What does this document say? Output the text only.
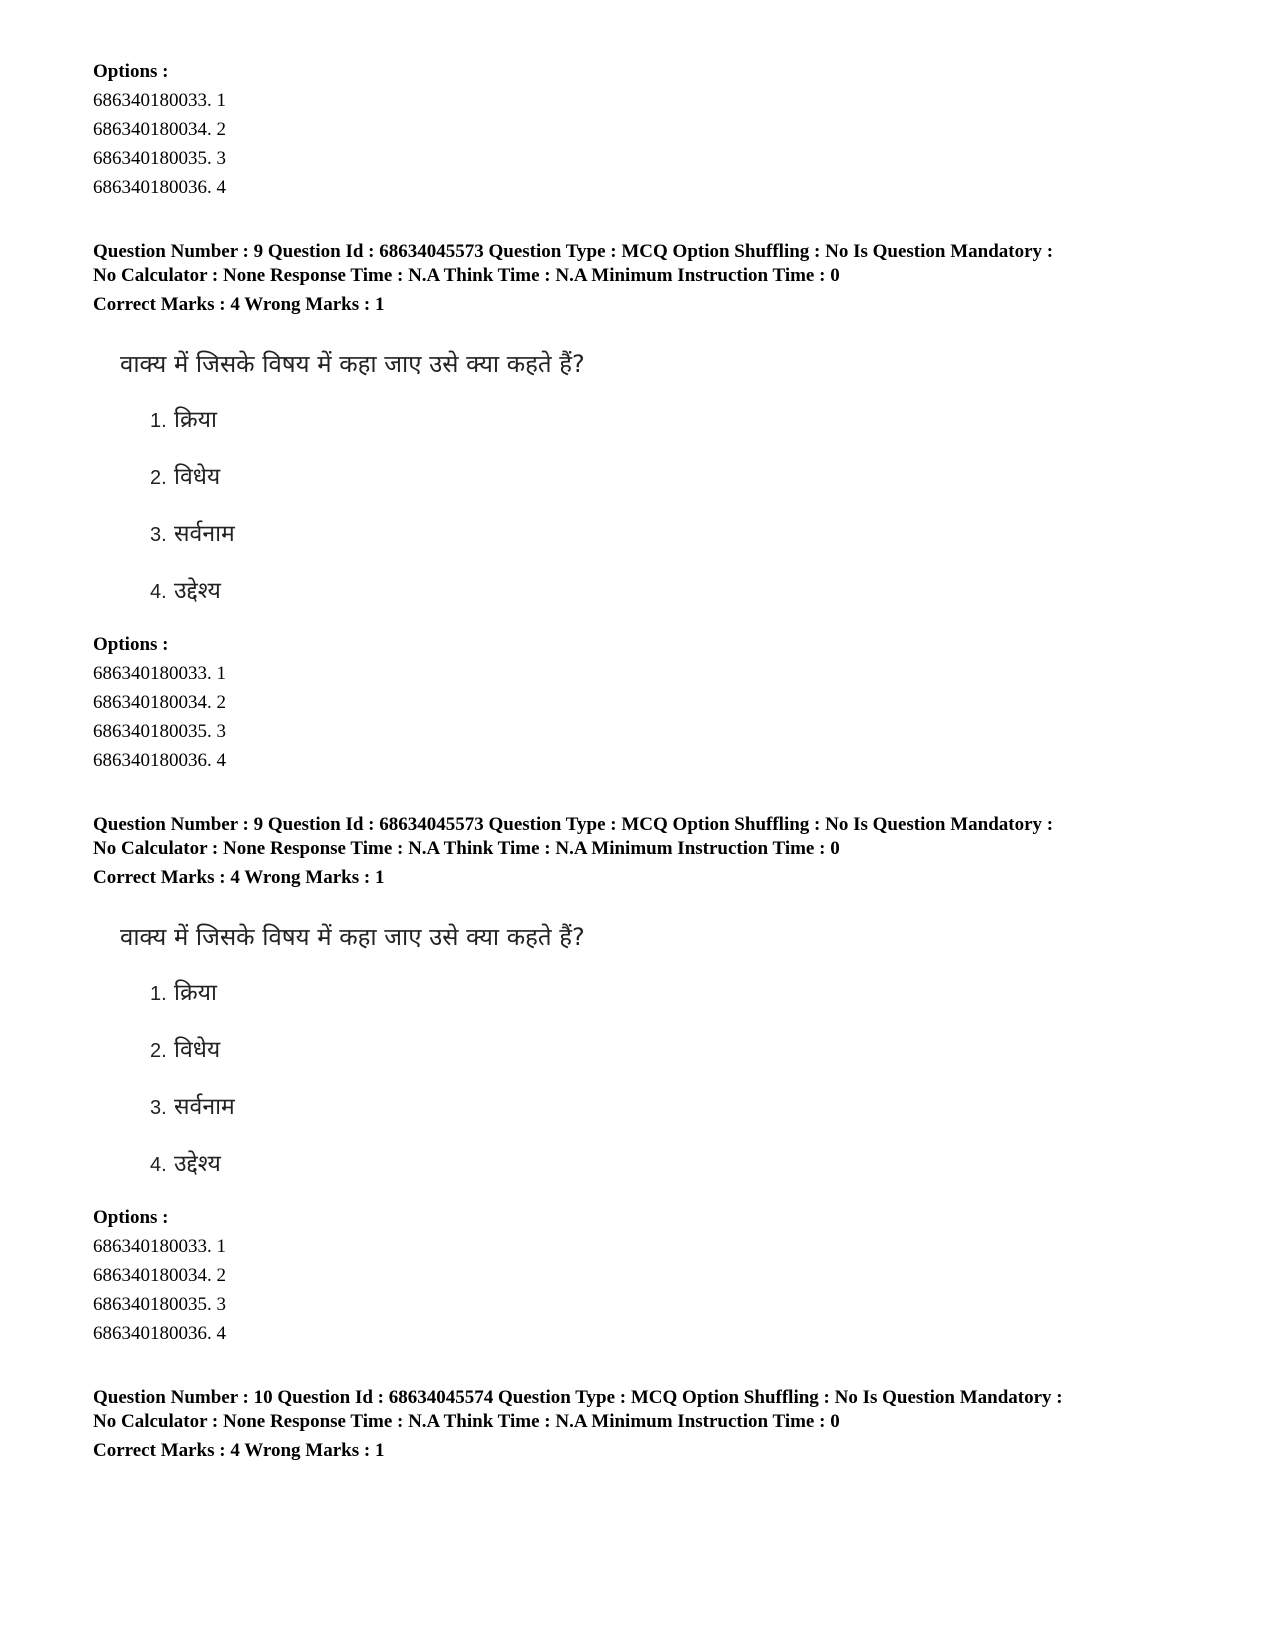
Options :
686340180033. 1
686340180034. 2
686340180035. 3
686340180036. 4
Question Number : 9 Question Id : 68634045573 Question Type : MCQ Option Shuffling : No Is Question Mandatory :
No Calculator : None Response Time : N.A Think Time : N.A Minimum Instruction Time : 0
Correct Marks : 4 Wrong Marks : 1
वाक्य में जिसके विषय में कहा जाए उसे क्या कहते हैं?
1. क्रिया
2. विधेय
3. सर्वनाम
4. उद्देश्य
Options :
686340180033. 1
686340180034. 2
686340180035. 3
686340180036. 4
Question Number : 9 Question Id : 68634045573 Question Type : MCQ Option Shuffling : No Is Question Mandatory :
No Calculator : None Response Time : N.A Think Time : N.A Minimum Instruction Time : 0
Correct Marks : 4 Wrong Marks : 1
वाक्य में जिसके विषय में कहा जाए उसे क्या कहते हैं?
1. क्रिया
2. विधेय
3. सर्वनाम
4. उद्देश्य
Options :
686340180033. 1
686340180034. 2
686340180035. 3
686340180036. 4
Question Number : 10 Question Id : 68634045574 Question Type : MCQ Option Shuffling : No Is Question Mandatory :
No Calculator : None Response Time : N.A Think Time : N.A Minimum Instruction Time : 0
Correct Marks : 4 Wrong Marks : 1
